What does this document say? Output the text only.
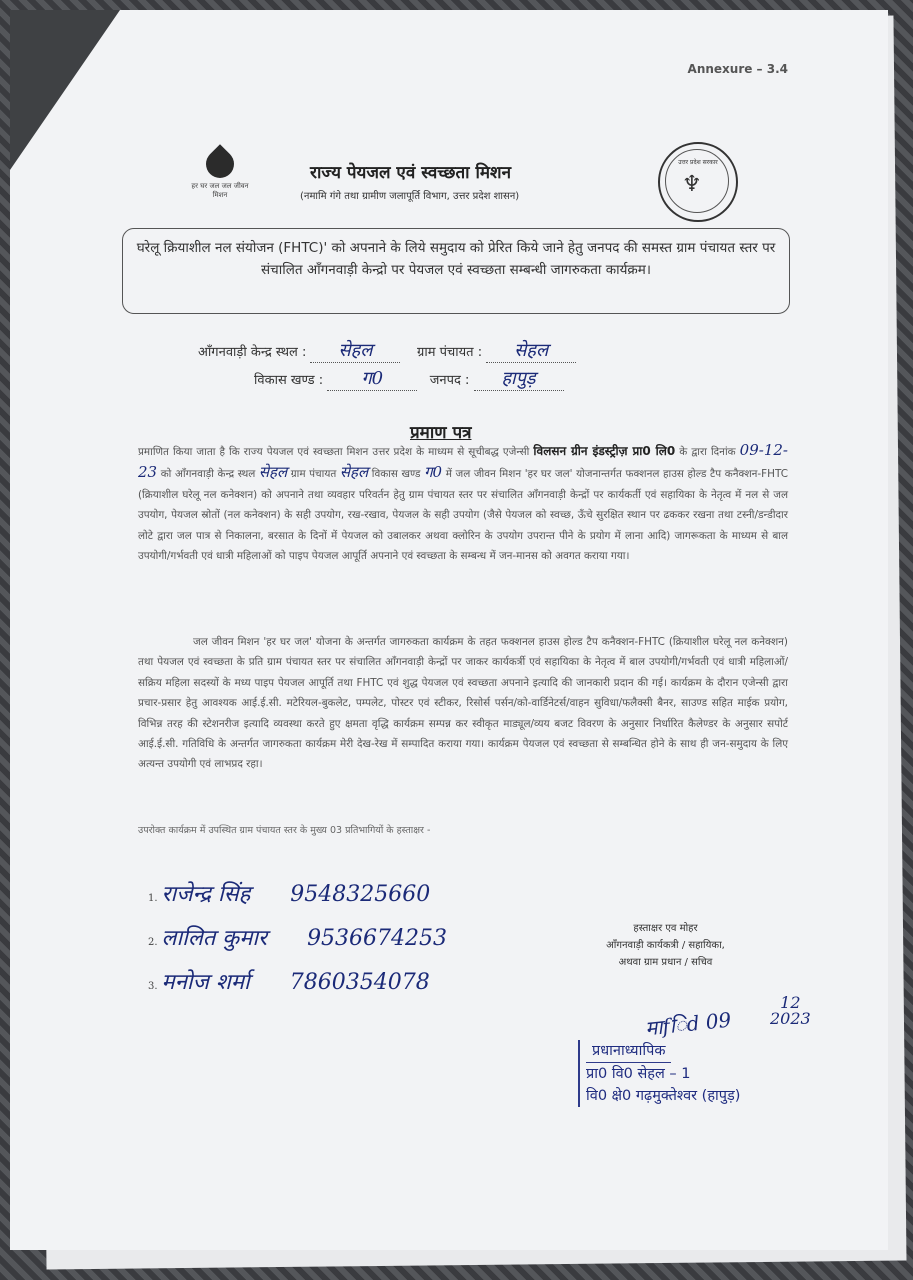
Annexure – 3.4
हर घर जल जल जीवन मिशन
राज्य पेयजल एवं स्वच्छता मिशन
(नमामि गंगे तथा ग्रामीण जलापूर्ति विभाग, उत्तर प्रदेश शासन)
उत्तर प्रदेश सरकार
♆
घरेलू क्रियाशील नल संयोजन (FHTC)' को अपनाने के लिये समुदाय को प्रेरित किये जाने हेतु जनपद की समस्त ग्राम पंचायत स्तर पर संचालित आँगनवाड़ी केन्द्रो पर पेयजल एवं स्वच्छता सम्बन्धी जागरुकता कार्यक्रम।
आँगनवाड़ी केन्द्र स्थल : सेहल	ग्राम पंचायत : सेहल
विकास खण्ड : ग0	जनपद : हापुड़
प्रमाण पत्र
प्रमाणित किया जाता है कि राज्य पेयजल एवं स्वच्छता मिशन उत्तर प्रदेश के माध्यम से सूचीबद्ध एजेन्सी विलसन ग्रीन इंडस्ट्रीज़ प्रा0 लि0 के द्वारा दिनांक 09-12-23 को आँगनवाड़ी केन्द्र स्थल सेहल ग्राम पंचायत सेहल विकास खण्ड ग0 में जल जीवन मिशन 'हर घर जल' योजनान्तर्गत फक्शनल हाउस होल्ड टैप कनैक्शन-FHTC (क्रियाशील घरेलू नल कनेक्शन) को अपनाने तथा व्यवहार परिवर्तन हेतु ग्राम पंचायत स्तर पर संचालित आँगनवाड़ी केन्द्रों पर कार्यकर्ती एवं सहायिका के नेतृत्व में नल से जल उपयोग, पेयजल स्रोतों (नल कनेक्शन) के सही उपयोग, रख-रखाव, पेयजल के सही उपयोग (जैसे पेयजल को स्वच्छ, ऊँचे सुरक्षित स्थान पर ढककर रखना तथा टस्नी/डन्डीदार लोटे द्वारा जल पात्र से निकालना, बरसात के दिनों में पेयजल को उबालकर अथवा क्लोरिन के उपयोग उपरान्त पीने के प्रयोग में लाना आदि) जागरूकता के माध्यम से बाल उपयोगी/गर्भवती एवं धात्री महिलाओं को पाइप पेयजल आपूर्ति अपनाने एवं स्वच्छता के सम्बन्ध में जन-मानस को अवगत कराया गया।
जल जीवन मिशन 'हर घर जल' योजना के अन्तर्गत जागरुकता कार्यक्रम के तहत फक्शनल हाउस होल्ड टैप कनैक्शन-FHTC (क्रियाशील घरेलू नल कनेक्शन) तथा पेयजल एवं स्वच्छता के प्रति ग्राम पंचायत स्तर पर संचालित आँगनवाड़ी केन्द्रों पर जाकर कार्यकर्त्री एवं सहायिका के नेतृत्व में बाल उपयोगी/गर्भवती एवं धात्री महिलाओं/सक्रिय महिला सदस्यों के मध्य पाइप पेयजल आपूर्ति तथा FHTC एवं शुद्ध पेयजल एवं स्वच्छता अपनाने इत्यादि की जानकारी प्रदान की गई। कार्यक्रम के दौरान एजेन्सी द्वारा प्रचार-प्रसार हेतु आवश्यक आई.ई.सी. मटेरियल-बुकलेट, पम्पलेट, पोस्टर एवं स्टीकर, रिसोर्स पर्सन/को-वार्डिनेटर्स/वाहन सुविधा/फलैक्सी बैनर, साउण्ड सहित माईक प्रयोग, विभिन्न तरह की स्टेशनरीज इत्यादि व्यवस्था करते हुए क्षमता वृद्धि कार्यक्रम सम्पन्न कर स्वीकृत माड्यूल/व्यय बजट विवरण के अनुसार निर्धारित कैलेण्डर के अनुसार सपोर्ट आई.ई.सी. गतिविधि के अन्तर्गत जागरुकता कार्यक्रम मेरी देख-रेख में सम्पादित कराया गया। कार्यक्रम पेयजल एवं स्वच्छता से सम्बन्धित होने के साथ ही जन-समुदाय के लिए अत्यन्त उपयोगी एवं लाभप्रद रहा।
उपरोक्त कार्यक्रम में उपस्थित ग्राम पंचायत स्तर के मुख्य 03 प्रतिभागियों के हस्ताक्षर -
1. राजेन्द्र सिंह 9548325660
2. लालित कुमार 9536674253
3. मनोज शर्मा 7860354078
हस्ताक्षर एव मोहर
आँगनवाड़ी कार्यकत्री / सहायिका,
अथवा ग्राम प्रधान / सचिव
माfिd 09
12
2023
प्रधानाध्यापिक
प्रा0 वि0 सेहल – 1
वि0 क्षे0 गढ़मुक्तेश्वर (हापुड़)
